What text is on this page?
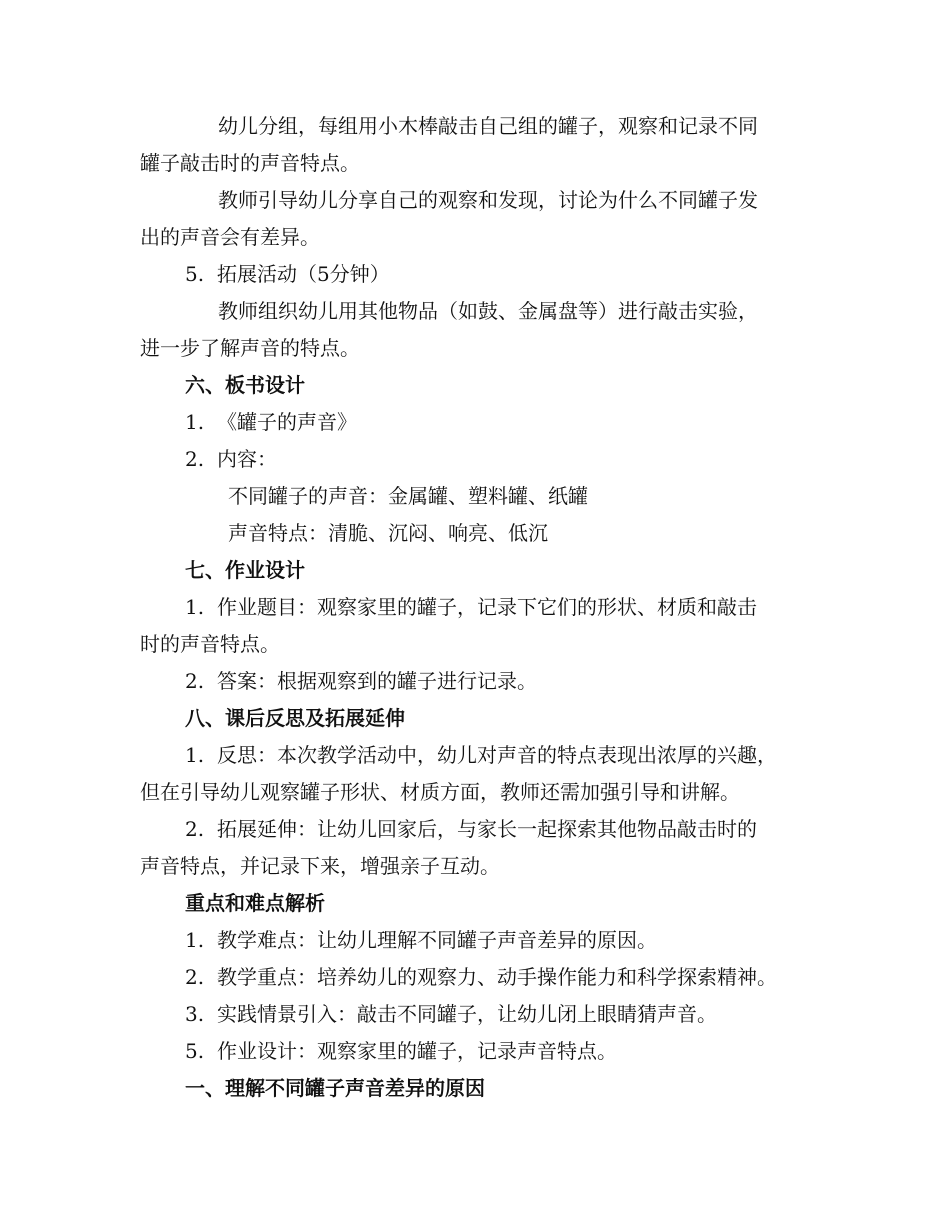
幼儿分组，每组用小木棒敲击自己组的罐子，观察和记录不同
罐子敲击时的声音特点。
教师引导幼儿分享自己的观察和发现，讨论为什么不同罐子发
出的声音会有差异。
5. 拓展活动（5分钟）
教师组织幼儿用其他物品（如鼓、金属盘等）进行敲击实验，
进一步了解声音的特点。
六、板书设计
1. 《罐子的声音》
2. 内容：
不同罐子的声音：金属罐、塑料罐、纸罐
声音特点：清脆、沉闷、响亮、低沉
七、作业设计
1. 作业题目：观察家里的罐子，记录下它们的形状、材质和敲击
时的声音特点。
2. 答案：根据观察到的罐子进行记录。
八、课后反思及拓展延伸
1. 反思：本次教学活动中，幼儿对声音的特点表现出浓厚的兴趣，
但在引导幼儿观察罐子形状、材质方面，教师还需加强引导和讲解。
2. 拓展延伸：让幼儿回家后，与家长一起探索其他物品敲击时的
声音特点，并记录下来，增强亲子互动。
重点和难点解析
1. 教学难点：让幼儿理解不同罐子声音差异的原因。
2. 教学重点：培养幼儿的观察力、动手操作能力和科学探索精神。
3. 实践情景引入：敲击不同罐子，让幼儿闭上眼睛猜声音。
5. 作业设计：观察家里的罐子，记录声音特点。
一、理解不同罐子声音差异的原因
